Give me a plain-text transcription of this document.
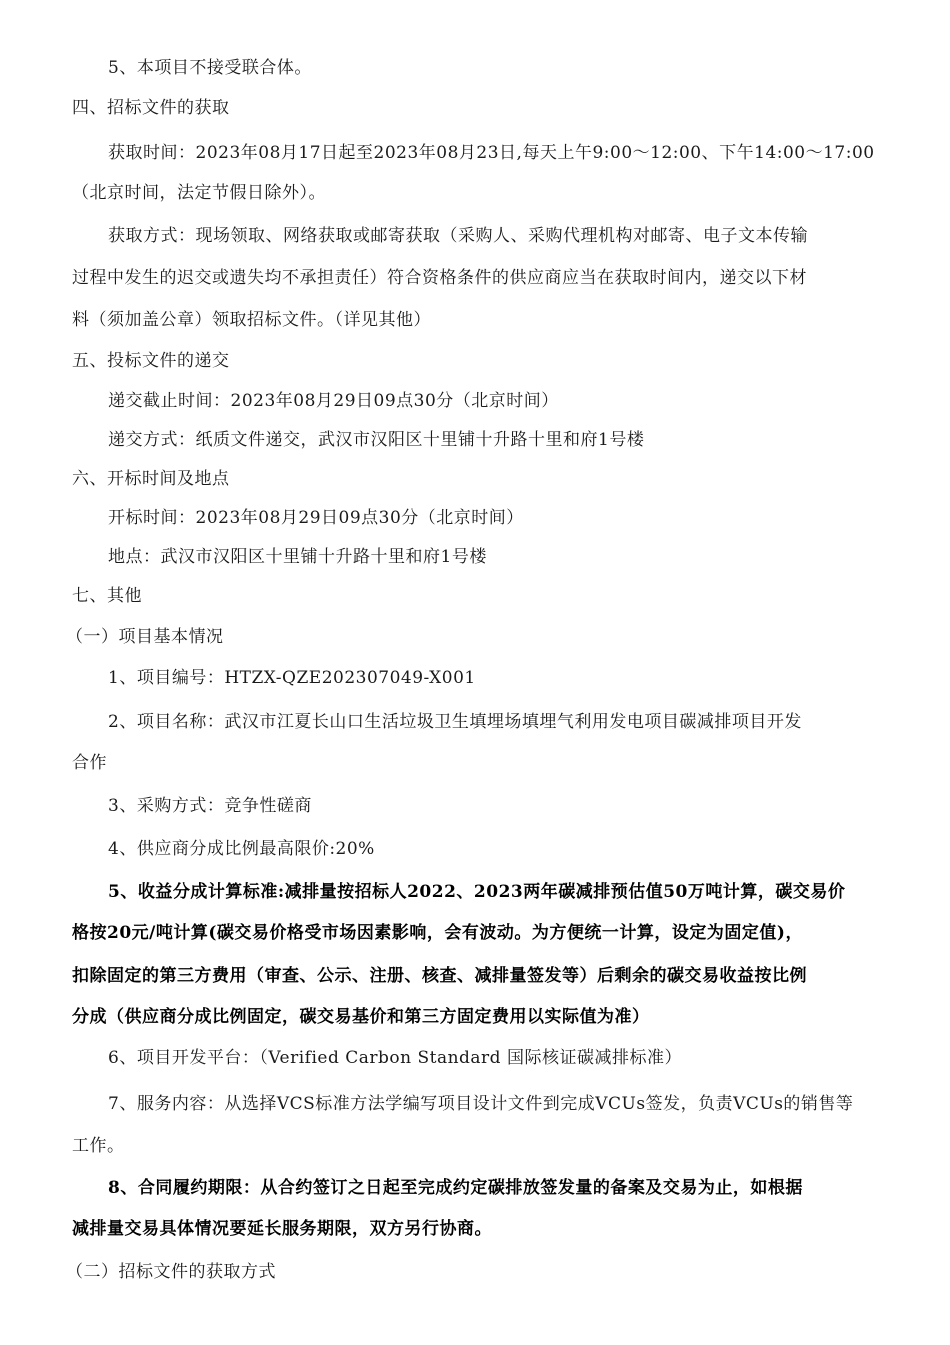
5、本项目不接受联合体。
四、招标文件的获取
获取时间：2023年08月17日起至2023年08月23日,每天上午9:00～12:00、下午14:00～17:00
（北京时间，法定节假日除外）。
获取方式：现场领取、网络获取或邮寄获取（采购人、采购代理机构对邮寄、电子文本传输
过程中发生的迟交或遗失均不承担责任）符合资格条件的供应商应当在获取时间内，递交以下材
料（须加盖公章）领取招标文件。（详见其他）
五、投标文件的递交
递交截止时间：2023年08月29日09点30分（北京时间）
递交方式：纸质文件递交，武汉市汉阳区十里铺十升路十里和府1号楼
六、开标时间及地点
开标时间：2023年08月29日09点30分（北京时间）
地点：武汉市汉阳区十里铺十升路十里和府1号楼
七、其他
（一）项目基本情况
1、项目编号：HTZX-QZE202307049-X001
2、项目名称：武汉市江夏长山口生活垃圾卫生填埋场填埋气利用发电项目碳减排项目开发
合作
3、采购方式：竞争性磋商
4、供应商分成比例最高限价:20%
5、收益分成计算标准:减排量按招标人2022、2023两年碳减排预估值50万吨计算，碳交易价
格按20元/吨计算(碳交易价格受市场因素影响，会有波动。为方便统一计算，设定为固定值)，
扣除固定的第三方费用（审查、公示、注册、核查、减排量签发等）后剩余的碳交易收益按比例
分成（供应商分成比例固定，碳交易基价和第三方固定费用以实际值为准）
6、项目开发平台：（Verified Carbon Standard 国际核证碳减排标准）
7、服务内容：从选择VCS标准方法学编写项目设计文件到完成VCUs签发，负责VCUs的销售等
工作。
8、合同履约期限：从合约签订之日起至完成约定碳排放签发量的备案及交易为止，如根据
减排量交易具体情况要延长服务期限，双方另行协商。
（二）招标文件的获取方式
